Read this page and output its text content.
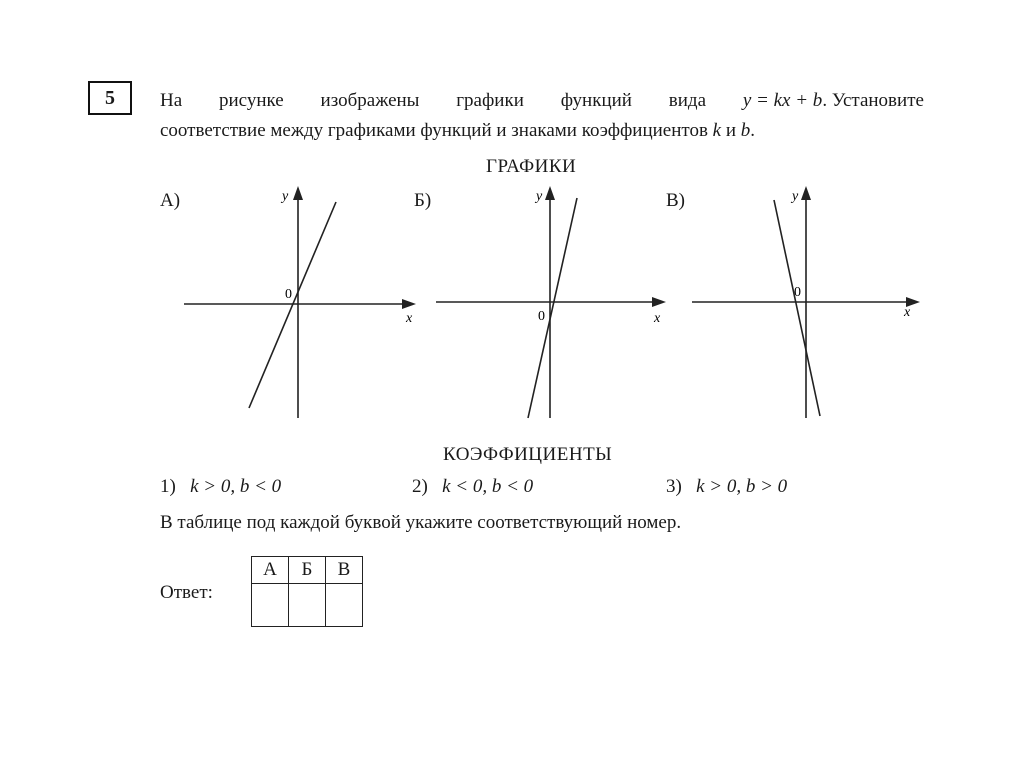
5	На рисунке изображены графики функций вида y = kx + b. Установите
соответствие между графиками функций и знаками коэффициентов k и b.
ГРАФИКИ
А)
x
y
0
Б)
x
y
0
В)
x
y
0
КОЭФФИЦИЕНТЫ
1) k > 0, b < 0	2) k < 0, b < 0	3) k > 0, b > 0
В таблице под каждой буквой укажите соответствующий номер.
Ответ:
А	Б	В
